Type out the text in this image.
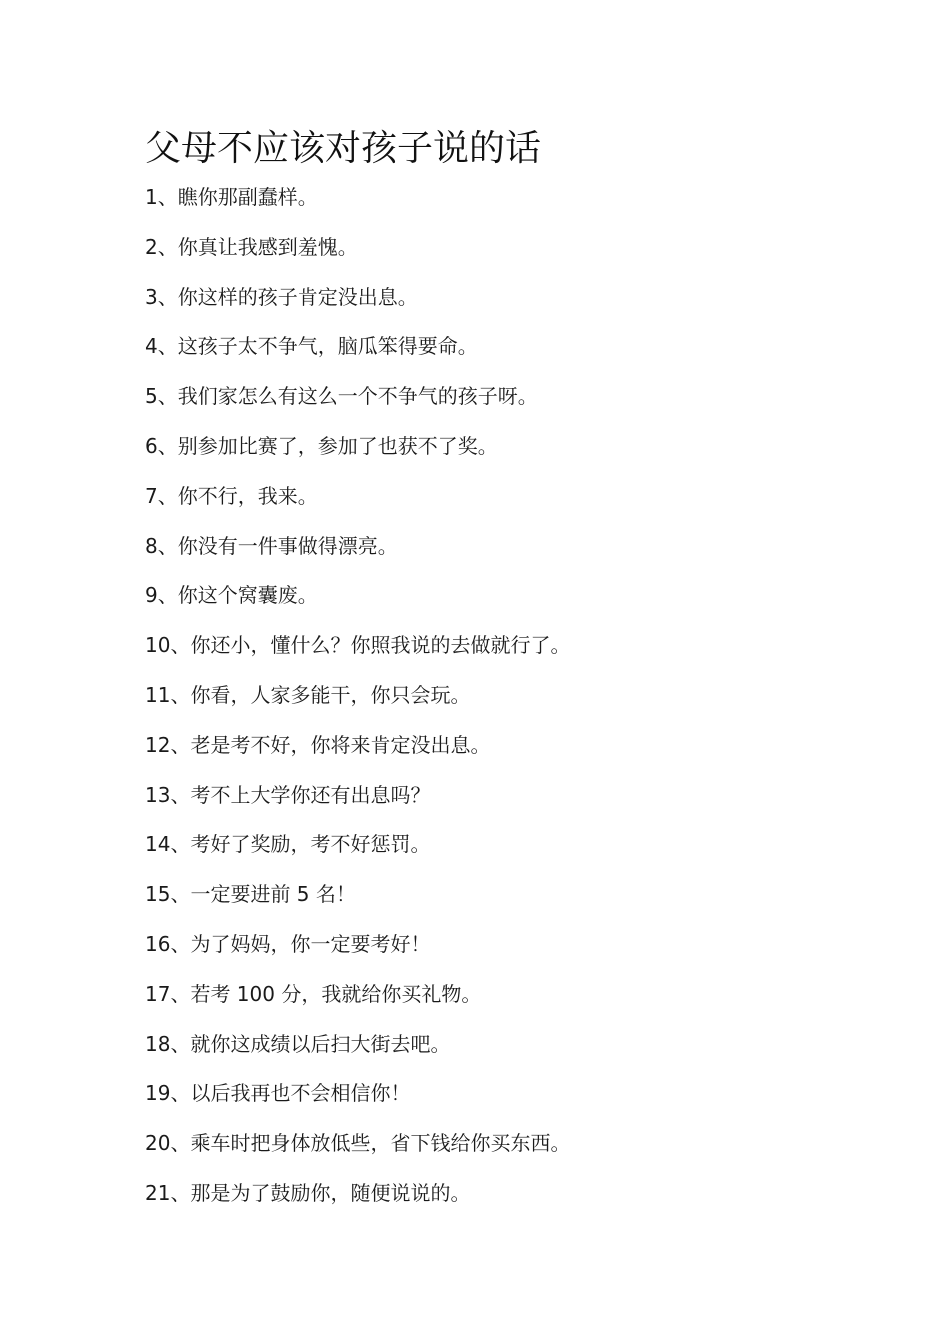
父母不应该对孩子说的话
1、瞧你那副蠢样。
2、你真让我感到羞愧。
3、你这样的孩子肯定没出息。
4、这孩子太不争气，脑瓜笨得要命。
5、我们家怎么有这么一个不争气的孩子呀。
6、别参加比赛了，参加了也获不了奖。
7、你不行，我来。
8、你没有一件事做得漂亮。
9、你这个窝囊废。
10、你还小，懂什么？你照我说的去做就行了。
11、你看，人家多能干，你只会玩。
12、老是考不好，你将来肯定没出息。
13、考不上大学你还有出息吗？
14、考好了奖励，考不好惩罚。
15、一定要进前 5 名！
16、为了妈妈，你一定要考好！
17、若考 100 分，我就给你买礼物。
18、就你这成绩以后扫大街去吧。
19、以后我再也不会相信你！
20、乘车时把身体放低些，省下钱给你买东西。
21、那是为了鼓励你，随便说说的。
